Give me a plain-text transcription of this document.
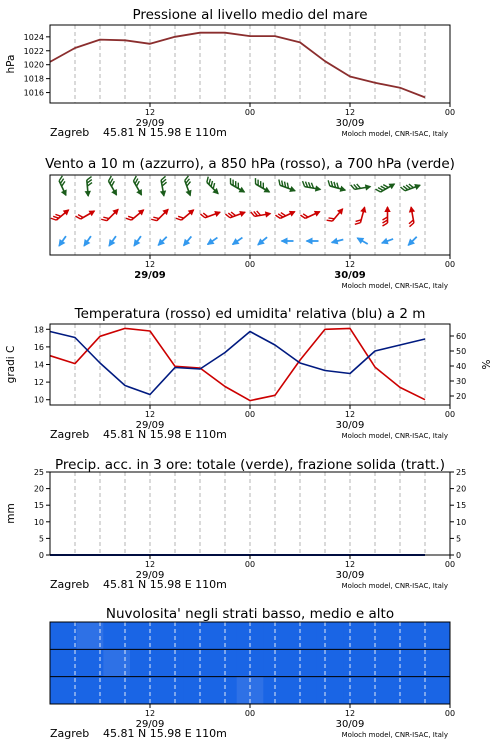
1016
1018
1020
1022
1024
Pressione al livello medio del mare
12	00	12	00
29/09	30/09
Zagreb 45.81 N 15.98 E 110m	Moloch model, CNR-ISAC, Italy
hPa
Vento a 10 m (azzurro), a 850 hPa (rosso), a 700 hPa (verde)
12	00	12	00
29/09	30/09
Moloch model, CNR-ISAC, Italy
10
12
14
16
18
20
30
40
50
60
Temperatura (rosso) ed umidita' relativa (blu) a 2 m
12	00	12	00
29/09	30/09
Zagreb 45.81 N 15.98 E 110m	Moloch model, CNR-ISAC, Italy
gradi C	%
0
5
10
15
20
25
0
5
10
15
20
25
Precip. acc. in 3 ore: totale (verde), frazione solida (tratt.)
12	00	12	00
29/09	30/09
Zagreb 45.81 N 15.98 E 110m	Moloch model, CNR-ISAC, Italy
mm
Nuvolosita' negli strati basso, medio e alto
12	00	12	00
29/09	30/09
Zagreb 45.81 N 15.98 E 110m	Moloch model, CNR-ISAC, Italy
